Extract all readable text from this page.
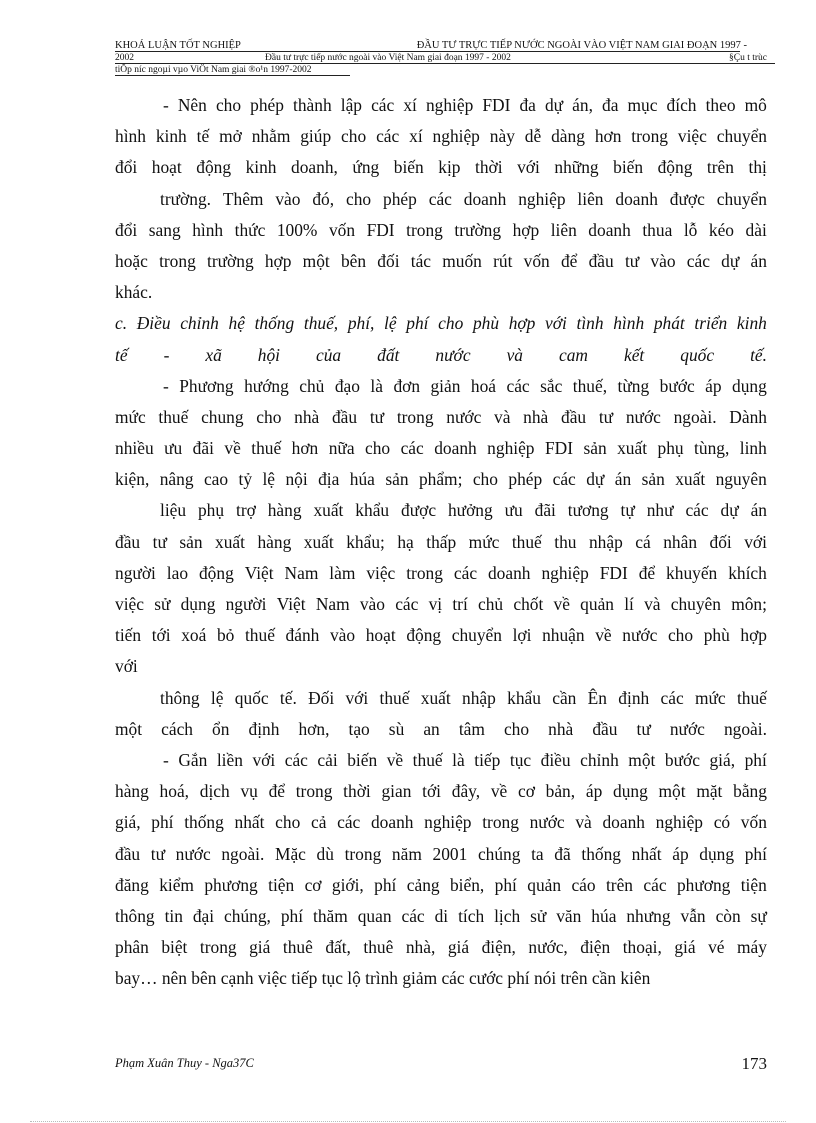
KHOÁ LUẬN TỐT NGHIỆP	ĐẦU TƯ TRỰC TIẾP NƯỚC NGOÀI VÀO VIỆT NAM GIAI ĐOẠN 1997 -
2002	Đầu tư trực tiếp nước ngoài vào Việt Nam giai đoạn 1997 - 2002	§Çu t trùc
tiÕp níc ngoµi vµo ViÖt Nam giai ®o¹n 1997-2002
- Nên cho phép thành lập các xí nghiệp FDI đa dự án, đa mục đích theo mô
hình kinh tế mở nhằm giúp cho các xí nghiệp này dễ dàng hơn trong việc chuyển
đổi hoạt động kinh doanh, ứng biến kịp thời với những biến động trên thị
trường. Thêm vào đó, cho phép các doanh nghiệp liên doanh được chuyển
đổi sang hình thức 100% vốn FDI trong trường hợp liên doanh thua lỗ kéo dài
hoặc trong trường hợp một bên đối tác muốn rút vốn để đầu tư vào các dự án
khác.
c. Điều chỉnh hệ thống thuế, phí, lệ phí cho phù hợp với tình hình phát triển kinh
tế - xã hội của đất nước và cam kết quốc tế.
- Phương hướng chủ đạo là đơn giản hoá các sắc thuế, từng bước áp dụng
mức thuế chung cho nhà đầu tư trong nước và nhà đầu tư nước ngoài. Dành
nhiều ưu đãi về thuế hơn nữa cho các doanh nghiệp FDI sản xuất phụ tùng, linh
kiện, nâng cao tỷ lệ nội địa húa sản phẩm; cho phép các dự án sản xuất nguyên
liệu phụ trợ hàng xuất khẩu được hưởng ưu đãi tương tự như các dự án
đầu tư sản xuất hàng xuất khẩu; hạ thấp mức thuế thu nhập cá nhân đối với
người lao động Việt Nam làm việc trong các doanh nghiệp FDI để khuyến khích
việc sử dụng người Việt Nam vào các vị trí chủ chốt về quản lí và chuyên môn;
tiến tới xoá bỏ thuế đánh vào hoạt động chuyển lợi nhuận về nước cho phù hợp
với
thông lệ quốc tế. Đối với thuế xuất nhập khẩu cần Ên định các mức thuế
một cách ổn định hơn, tạo sù an tâm cho nhà đầu tư nước ngoài.
- Gắn liền với các cải biến về thuế là tiếp tục điều chỉnh một bước giá, phí
hàng hoá, dịch vụ để trong thời gian tới đây, về cơ bản, áp dụng một mặt bằng
giá, phí thống nhất cho cả các doanh nghiệp trong nước và doanh nghiệp có vốn
đầu tư nước ngoài. Mặc dù trong năm 2001 chúng ta đã thống nhất áp dụng phí
đăng kiểm phương tiện cơ giới, phí cảng biển, phí quản cáo trên các phương tiện
thông tin đại chúng, phí thăm quan các di tích lịch sử văn húa nhưng vẫn còn sự
phân biệt trong giá thuê đất, thuê nhà, giá điện, nước, điện thoại, giá vé máy
bay… nên bên cạnh việc tiếp tục lộ trình giảm các cước phí nói trên cần kiên
Phạm Xuân Thuy - Nga37C	173
